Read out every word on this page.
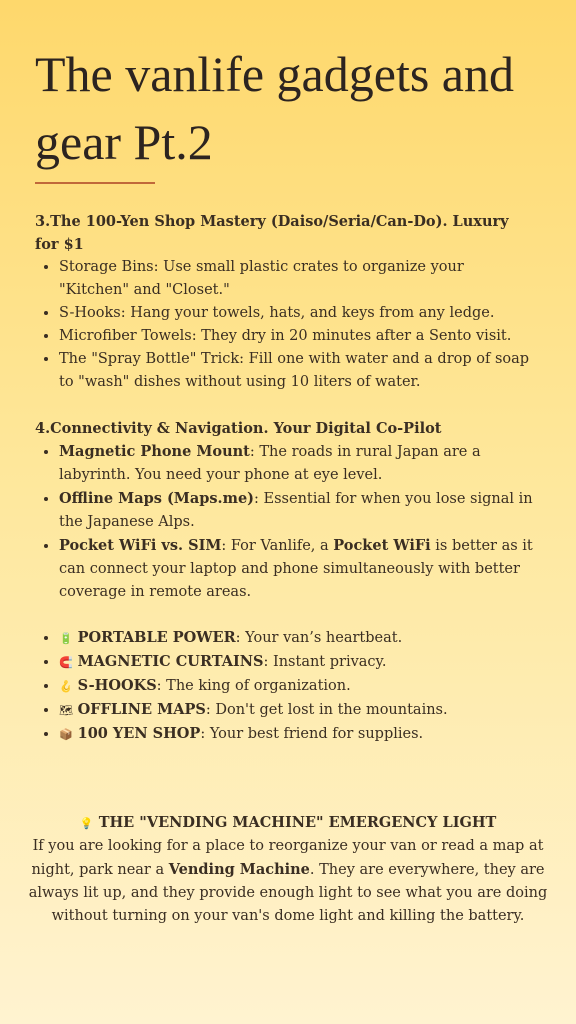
The vanlife gadgets and gear Pt.2

3.The 100-Yen Shop Mastery (Daiso/Seria/Can-Do). Luxury for $1

• Storage Bins: Use small plastic crates to organize your "Kitchen" and "Closet."
• S-Hooks: Hang your towels, hats, and keys from any ledge.
• Microfiber Towels: They dry in 20 minutes after a Sento visit.
• The "Spray Bottle" Trick: Fill one with water and a drop of soap to "wash" dishes without using 10 liters of water.

4.Connectivity & Navigation. Your Digital Co-Pilot

• Magnetic Phone Mount: The roads in rural Japan are a labyrinth. You need your phone at eye level.
• Offline Maps (Maps.me): Essential for when you lose signal in the Japanese Alps.
• Pocket WiFi vs. SIM: For Vanlife, a Pocket WiFi is better as it can connect your laptop and phone simultaneously with better coverage in remote areas.
• 🔋 PORTABLE POWER: Your van’s heartbeat.
• 🧲 MAGNETIC CURTAINS: Instant privacy.
• 🪝 S-HOOKS: The king of organization.
• 🗺 OFFLINE MAPS: Don't get lost in the mountains.
• 📦 100 YEN SHOP: Your best friend for supplies.
💡 THE "VENDING MACHINE" EMERGENCY LIGHT
If you are looking for a place to reorganize your van or read a map at night, park near a Vending Machine. They are everywhere, they are always lit up, and they provide enough light to see what you are doing without turning on your van's dome light and killing the battery.
